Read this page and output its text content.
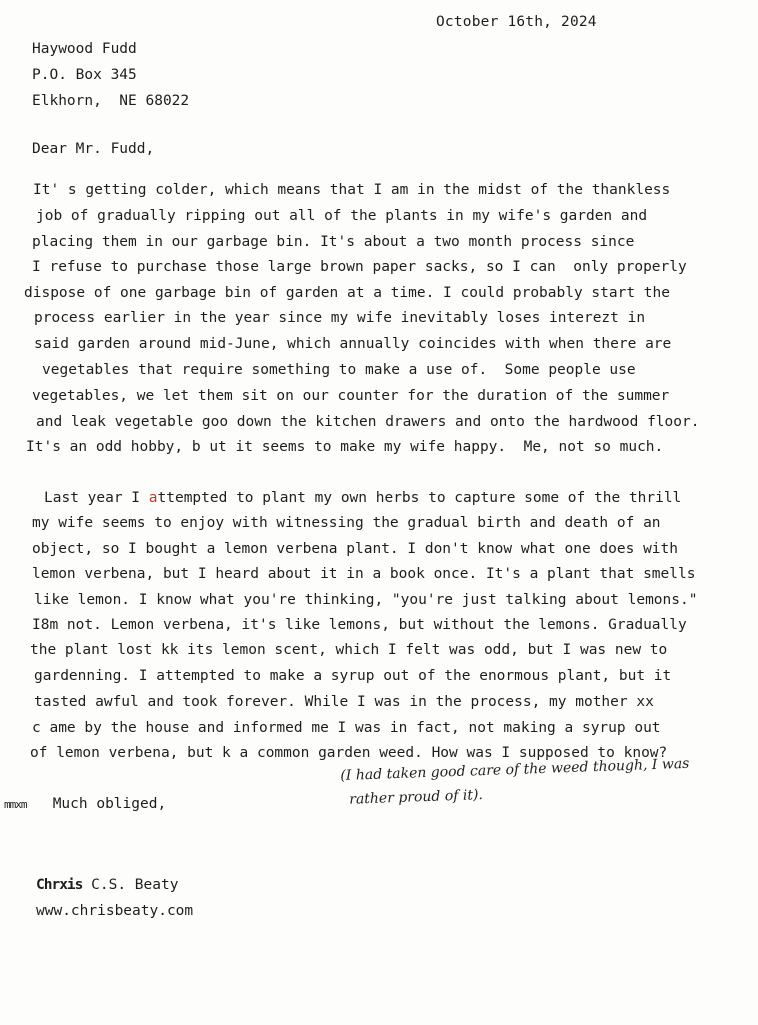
October 16th, 2024
Haywood Fudd
P.O. Box 345
Elkhorn,  NE 68022
Dear Mr. Fudd,
It' s getting colder, which means that I am in the midst of the thankless
job of gradually ripping out all of the plants in my wife's garden and
placing them in our garbage bin. It's about a two month process since
I refuse to purchase those large brown paper sacks, so I can  only properly
dispose of one garbage bin of garden at a time. I could probably start the
process earlier in the year since my wife inevitably loses interezt in
said garden around mid-June, which annually coincides with when there are
vegetables that require something to make a use of.  Some people use
vegetables, we let them sit on our counter for the duration of the summer
and leak vegetable goo down the kitchen drawers and onto the hardwood floor.
It's an odd hobby, b ut it seems to make my wife happy.  Me, not so much.
Last year I attempted to plant my own herbs to capture some of the thrill
my wife seems to enjoy with witnessing the gradual birth and death of an
object, so I bought a lemon verbena plant. I don't know what one does with
lemon verbena, but I heard about it in a book once. It's a plant that smells
like lemon. I know what you're thinking, "you're just talking about lemons."
I8m not. Lemon verbena, it's like lemons, but without the lemons. Gradually
the plant lost kk its lemon scent, which I felt was odd, but I was new to
gardenning. I attempted to make a syrup out of the enormous plant, but it
tasted awful and took forever. While I was in the process, my mother xx
c ame by the house and informed me I was in fact, not making a syrup out
of lemon verbena, but k a common garden weed. How was I supposed to know?
(I had taken good care of the weed though, I was
rather proud of it).
mmxm Much obliged,
Chrxis C.S. Beaty
www.chrisbeaty.com
